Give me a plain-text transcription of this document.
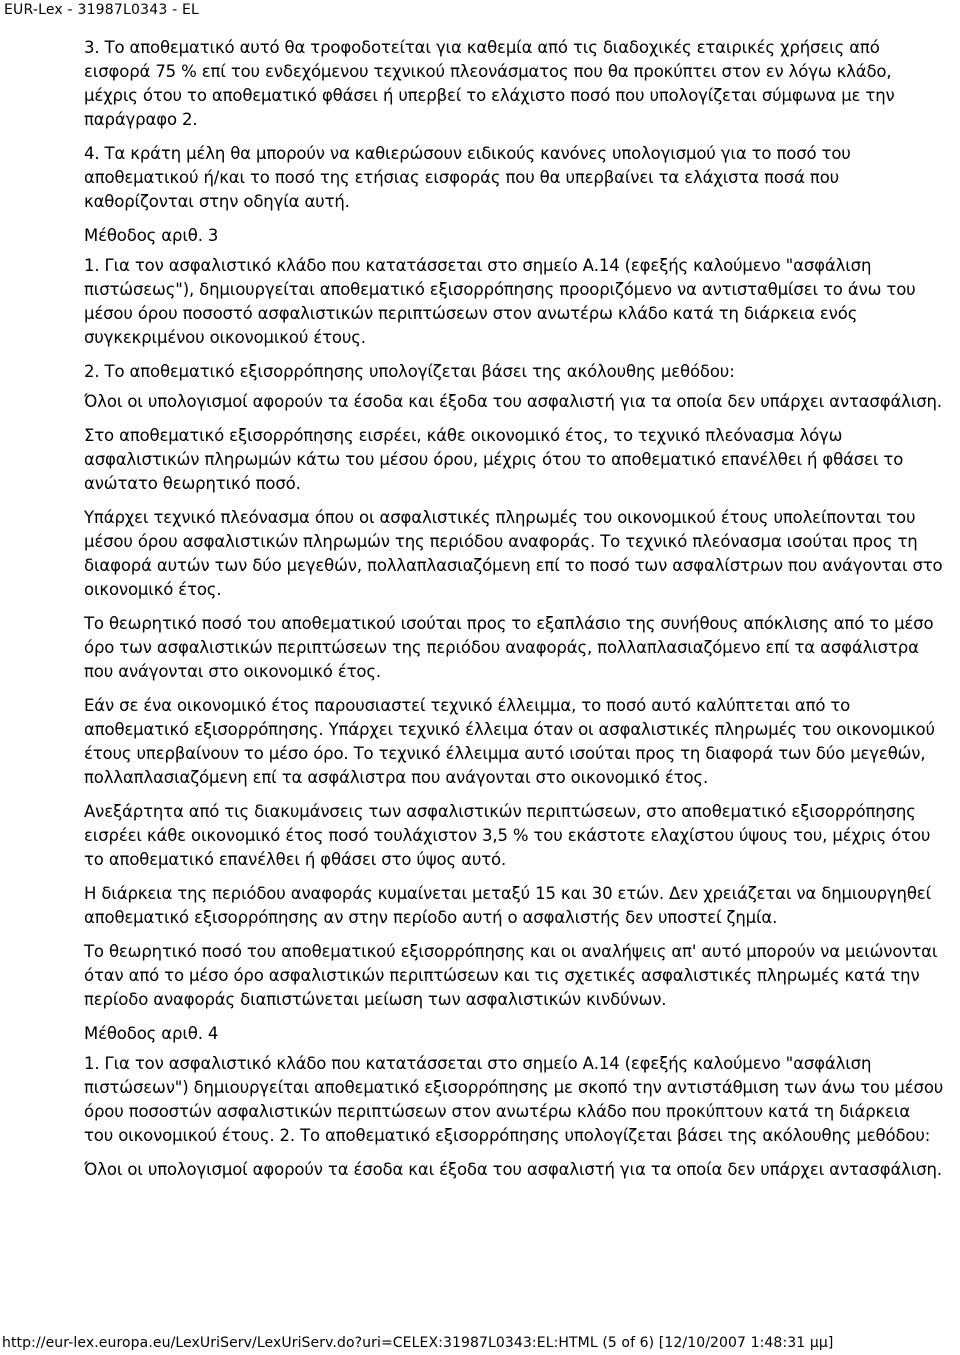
EUR-Lex - 31987L0343 - EL

3. Το αποθεματικό αυτό θα τροφοδοτείται για καθεμία από τις διαδοχικές εταιρικές χρήσεις από εισφορά 75 % επί του ενδεχόμενου τεχνικού πλεονάσματος που θα προκύπτει στον εν λόγω κλάδο, μέχρις ότου το αποθεματικό φθάσει ή υπερβεί το ελάχιστο ποσό που υπολογίζεται σύμφωνα με την παράγραφο 2.

4. Τα κράτη μέλη θα μπορούν να καθιερώσουν ειδικούς κανόνες υπολογισμού για το ποσό του αποθεματικού ή/και το ποσό της ετήσιας εισφοράς που θα υπερβαίνει τα ελάχιστα ποσά που καθορίζονται στην οδηγία αυτή.

Μέθοδος αριθ. 3

1. Για τον ασφαλιστικό κλάδο που κατατάσσεται στο σημείο Α.14 (εφεξής καλούμενο "ασφάλιση πιστώσεως"), δημιουργείται αποθεματικό εξισορρόπησης προοριζόμενο να αντισταθμίσει το άνω του μέσου όρου ποσοστό ασφαλιστικών περιπτώσεων στον ανωτέρω κλάδο κατά τη διάρκεια ενός συγκεκριμένου οικονομικού έτους.

2. Το αποθεματικό εξισορρόπησης υπολογίζεται βάσει της ακόλουθης μεθόδου:

Όλοι οι υπολογισμοί αφορούν τα έσοδα και έξοδα του ασφαλιστή για τα οποία δεν υπάρχει αντασφάλιση.

Στο αποθεματικό εξισορρόπησης εισρέει, κάθε οικονομικό έτος, το τεχνικό πλεόνασμα λόγω ασφαλιστικών πληρωμών κάτω του μέσου όρου, μέχρις ότου το αποθεματικό επανέλθει ή φθάσει το ανώτατο θεωρητικό ποσό.

Υπάρχει τεχνικό πλεόνασμα όπου οι ασφαλιστικές πληρωμές του οικονομικού έτους υπολείπονται του μέσου όρου ασφαλιστικών πληρωμών της περιόδου αναφοράς. Το τεχνικό πλεόνασμα ισούται προς τη διαφορά αυτών των δύο μεγεθών, πολλαπλασιαζόμενη επί το ποσό των ασφαλίστρων που ανάγονται στο οικονομικό έτος.

Το θεωρητικό ποσό του αποθεματικού ισούται προς το εξαπλάσιο της συνήθους απόκλισης από το μέσο όρο των ασφαλιστικών περιπτώσεων της περιόδου αναφοράς, πολλαπλασιαζόμενο επί τα ασφάλιστρα που ανάγονται στο οικονομικό έτος.

Εάν σε ένα οικονομικό έτος παρουσιαστεί τεχνικό έλλειμμα, το ποσό αυτό καλύπτεται από το αποθεματικό εξισορρόπησης. Υπάρχει τεχνικό έλλειμα όταν οι ασφαλιστικές πληρωμές του οικονομικού έτους υπερβαίνουν το μέσο όρο. Το τεχνικό έλλειμμα αυτό ισούται προς τη διαφορά των δύο μεγεθών, πολλαπλασιαζόμενη επί τα ασφάλιστρα που ανάγονται στο οικονομικό έτος.

Ανεξάρτητα από τις διακυμάνσεις των ασφαλιστικών περιπτώσεων, στο αποθεματικό εξισορρόπησης εισρέει κάθε οικονομικό έτος ποσό τουλάχιστον 3,5 % του εκάστοτε ελαχίστου ύψους του, μέχρις ότου το αποθεματικό επανέλθει ή φθάσει στο ύψος αυτό.

Η διάρκεια της περιόδου αναφοράς κυμαίνεται μεταξύ 15 και 30 ετών. Δεν χρειάζεται να δημιουργηθεί αποθεματικό εξισορρόπησης αν στην περίοδο αυτή ο ασφαλιστής δεν υποστεί ζημία.

Το θεωρητικό ποσό του αποθεματικού εξισορρόπησης και οι αναλήψεις απ' αυτό μπορούν να μειώνονται όταν από το μέσο όρο ασφαλιστικών περιπτώσεων και τις σχετικές ασφαλιστικές πληρωμές κατά την περίοδο αναφοράς διαπιστώνεται μείωση των ασφαλιστικών κινδύνων.

Μέθοδος αριθ. 4

1. Για τον ασφαλιστικό κλάδο που κατατάσσεται στο σημείο Α.14 (εφεξής καλούμενο "ασφάλιση πιστώσεων") δημιουργείται αποθεματικό εξισορρόπησης με σκοπό την αντιστάθμιση των άνω του μέσου όρου ποσοστών ασφαλιστικών περιπτώσεων στον ανωτέρω κλάδο που προκύπτουν κατά τη διάρκεια του οικονομικού έτους. 2. Το αποθεματικό εξισορρόπησης υπολογίζεται βάσει της ακόλουθης μεθόδου:

Όλοι οι υπολογισμοί αφορούν τα έσοδα και έξοδα του ασφαλιστή για τα οποία δεν υπάρχει αντασφάλιση.

http://eur-lex.europa.eu/LexUriServ/LexUriServ.do?uri=CELEX:31987L0343:EL:HTML (5 of 6) [12/10/2007 1:48:31 μμ]
